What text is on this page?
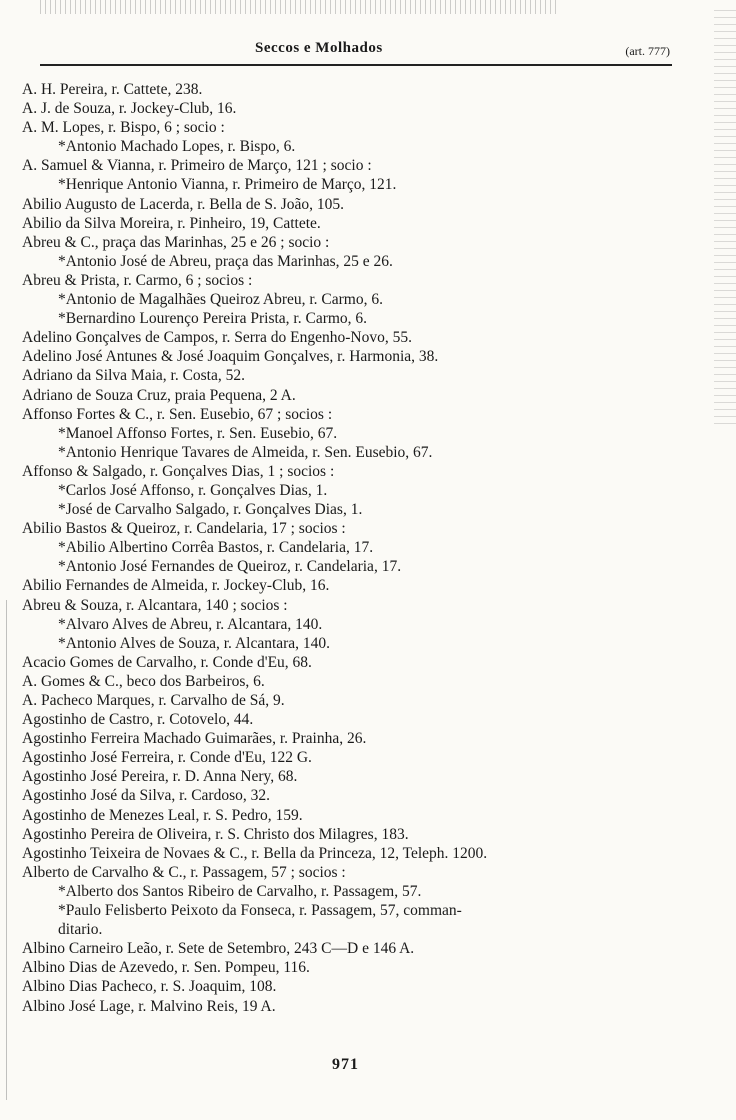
Seccos e Molhados	(art. 777)
A. H. Pereira, r. Cattete, 238.
A. J. de Souza, r. Jockey-Club, 16.
A. M. Lopes, r. Bispo, 6 ; socio :
*Antonio Machado Lopes, r. Bispo, 6.
A. Samuel & Vianna, r. Primeiro de Março, 121 ; socio :
*Henrique Antonio Vianna, r. Primeiro de Março, 121.
Abilio Augusto de Lacerda, r. Bella de S. João, 105.
Abilio da Silva Moreira, r. Pinheiro, 19, Cattete.
Abreu & C., praça das Marinhas, 25 e 26 ; socio :
*Antonio José de Abreu, praça das Marinhas, 25 e 26.
Abreu & Prista, r. Carmo, 6 ; socios :
*Antonio de Magalhães Queiroz Abreu, r. Carmo, 6.
*Bernardino Lourenço Pereira Prista, r. Carmo, 6.
Adelino Gonçalves de Campos, r. Serra do Engenho-Novo, 55.
Adelino José Antunes & José Joaquim Gonçalves, r. Harmonia, 38.
Adriano da Silva Maia, r. Costa, 52.
Adriano de Souza Cruz, praia Pequena, 2 A.
Affonso Fortes & C., r. Sen. Eusebio, 67 ; socios :
*Manoel Affonso Fortes, r. Sen. Eusebio, 67.
*Antonio Henrique Tavares de Almeida, r. Sen. Eusebio, 67.
Affonso & Salgado, r. Gonçalves Dias, 1 ; socios :
*Carlos José Affonso, r. Gonçalves Dias, 1.
*José de Carvalho Salgado, r. Gonçalves Dias, 1.
Abilio Bastos & Queiroz, r. Candelaria, 17 ; socios :
*Abilio Albertino Corrêa Bastos, r. Candelaria, 17.
*Antonio José Fernandes de Queiroz, r. Candelaria, 17.
Abilio Fernandes de Almeida, r. Jockey-Club, 16.
Abreu & Souza, r. Alcantara, 140 ; socios :
*Alvaro Alves de Abreu, r. Alcantara, 140.
*Antonio Alves de Souza, r. Alcantara, 140.
Acacio Gomes de Carvalho, r. Conde d'Eu, 68.
A. Gomes & C., beco dos Barbeiros, 6.
A. Pacheco Marques, r. Carvalho de Sá, 9.
Agostinho de Castro, r. Cotovelo, 44.
Agostinho Ferreira Machado Guimarães, r. Prainha, 26.
Agostinho José Ferreira, r. Conde d'Eu, 122 G.
Agostinho José Pereira, r. D. Anna Nery, 68.
Agostinho José da Silva, r. Cardoso, 32.
Agostinho de Menezes Leal, r. S. Pedro, 159.
Agostinho Pereira de Oliveira, r. S. Christo dos Milagres, 183.
Agostinho Teixeira de Novaes & C., r. Bella da Princeza, 12, Teleph. 1200.
Alberto de Carvalho & C., r. Passagem, 57 ; socios :
*Alberto dos Santos Ribeiro de Carvalho, r. Passagem, 57.
*Paulo Felisberto Peixoto da Fonseca, r. Passagem, 57, comman-
ditario.
Albino Carneiro Leão, r. Sete de Setembro, 243 C—D e 146 A.
Albino Dias de Azevedo, r. Sen. Pompeu, 116.
Albino Dias Pacheco, r. S. Joaquim, 108.
Albino José Lage, r. Malvino Reis, 19 A.
971
